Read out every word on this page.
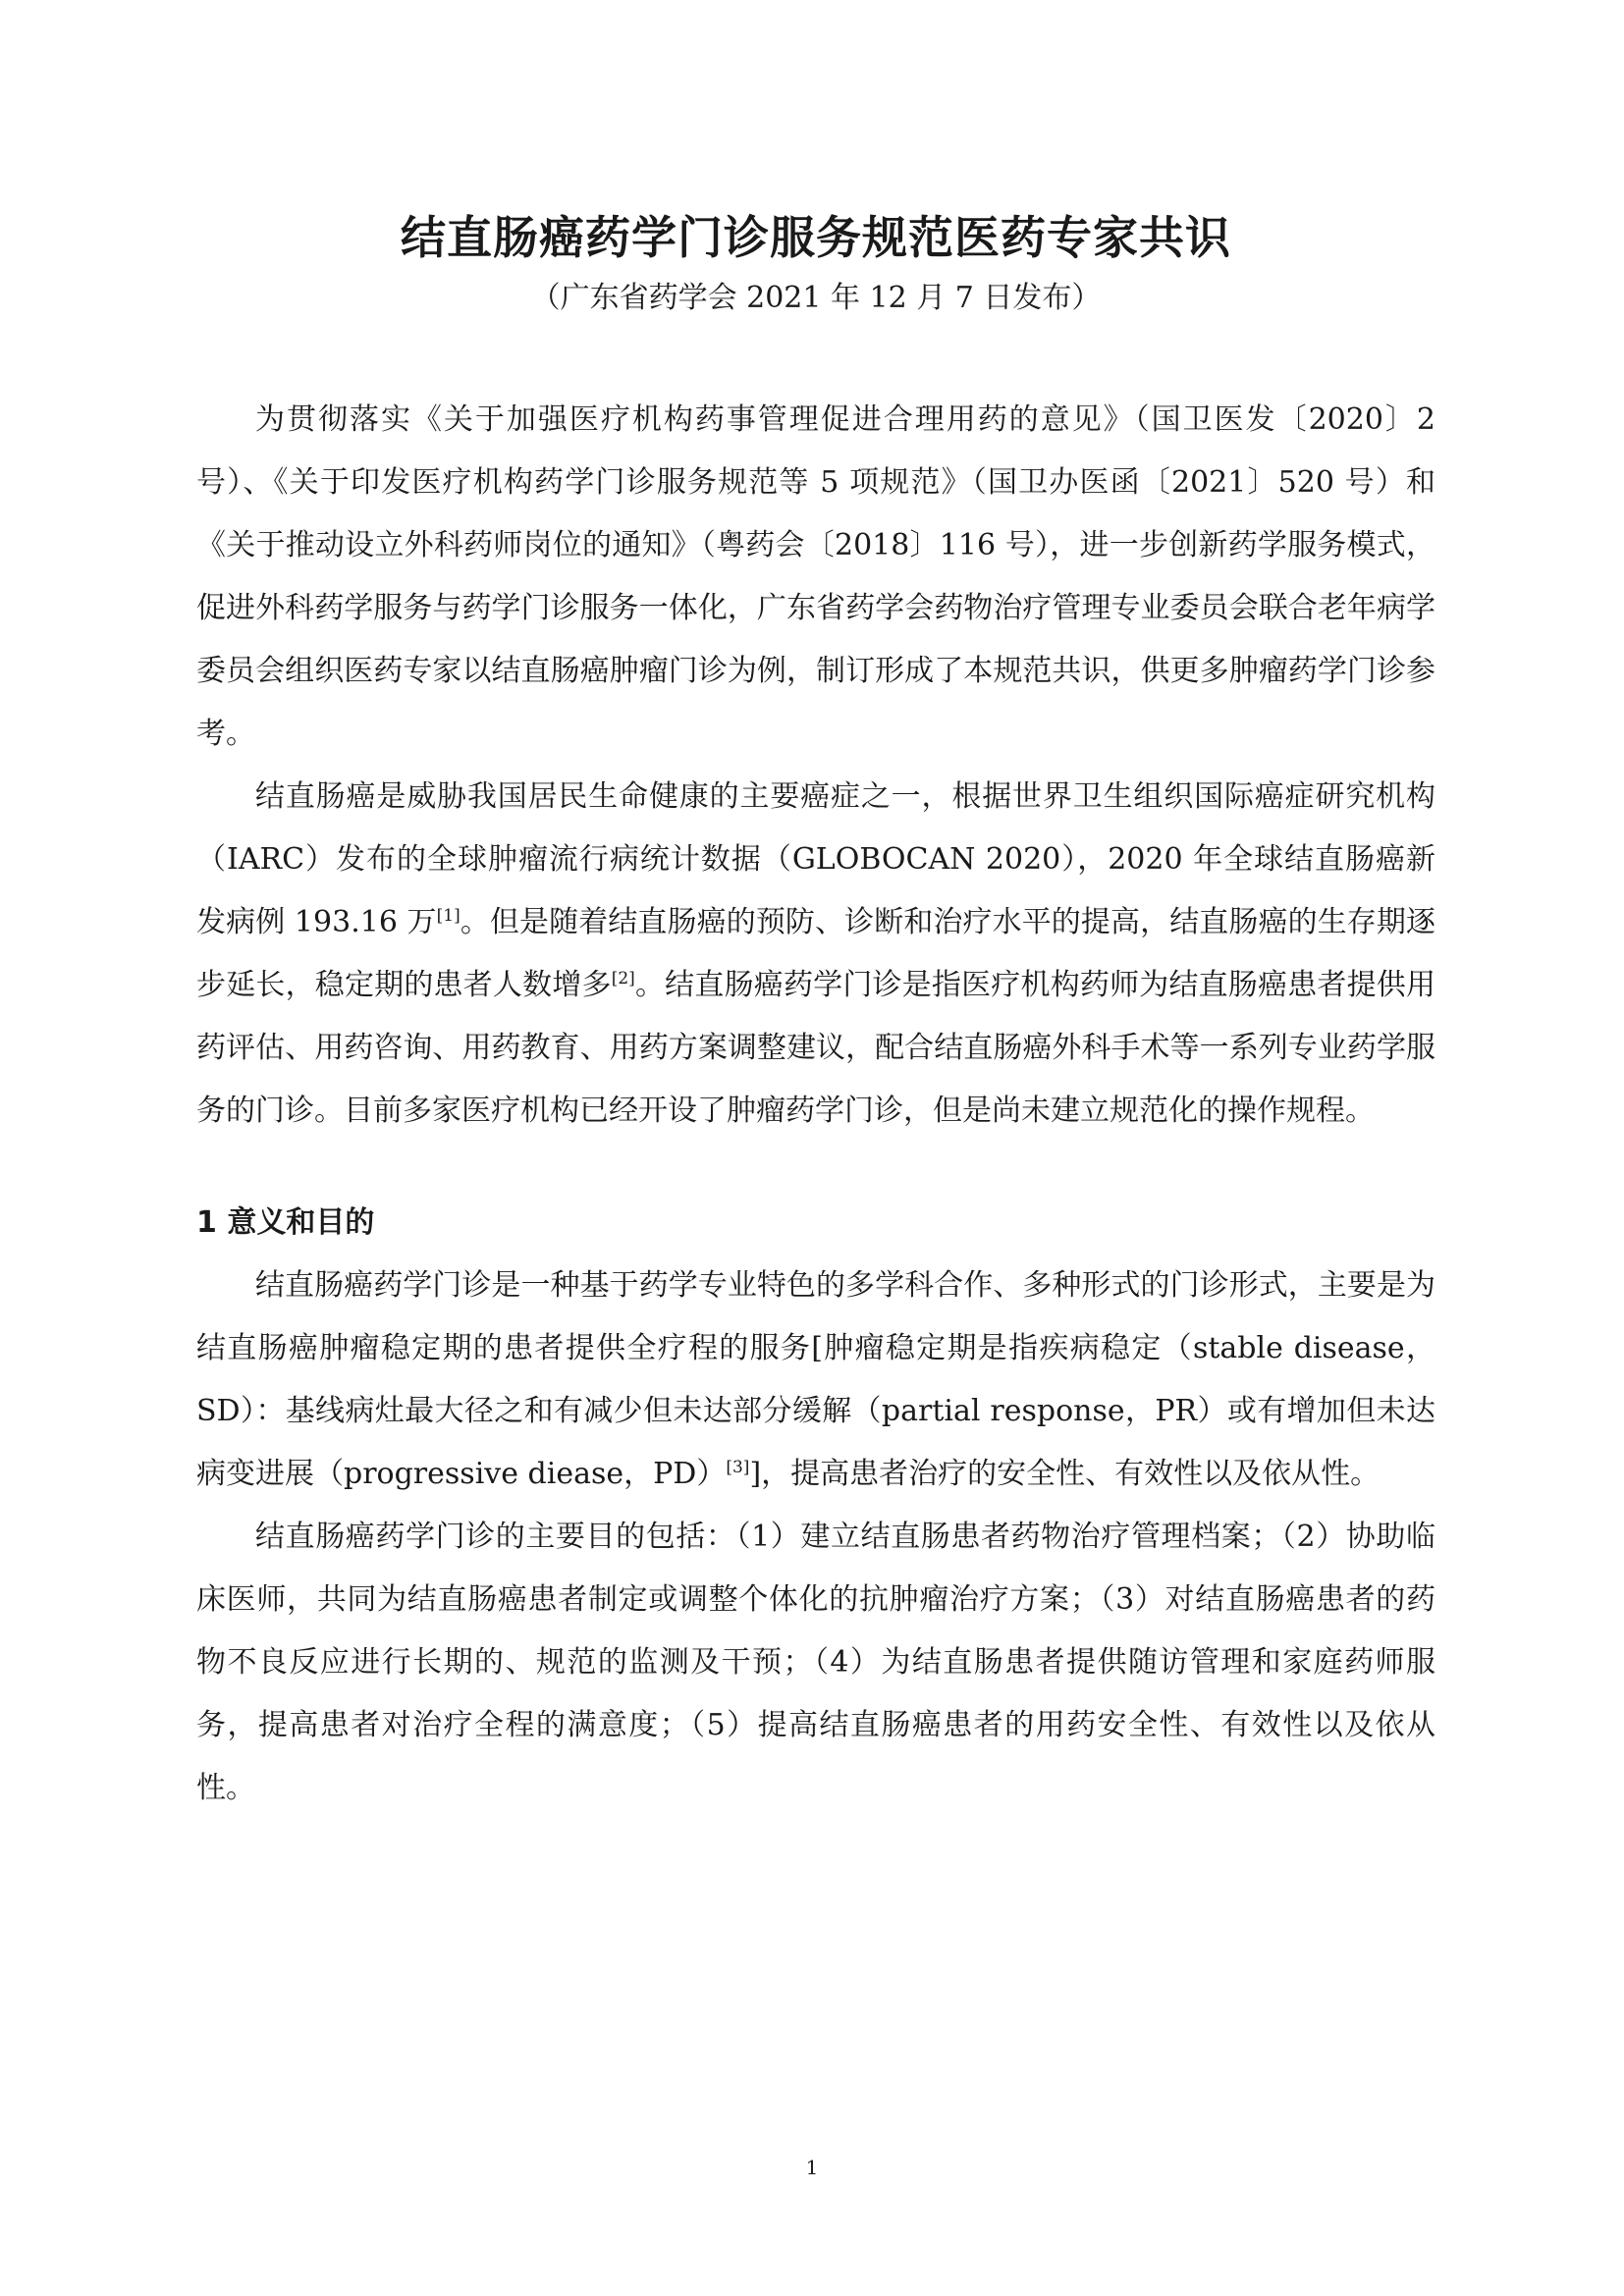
结直肠癌药学门诊服务规范医药专家共识

（广东省药学会 2021 年 12 月 7 日发布）

为贯彻落实《关于加强医疗机构药事管理促进合理用药的意见》（国卫医发〔2020〕2 号）、《关于印发医疗机构药学门诊服务规范等 5 项规范》（国卫办医函〔2021〕520 号）和《关于推动设立外科药师岗位的通知》（粤药会〔2018〕116 号），进一步创新药学服务模式，促进外科药学服务与药学门诊服务一体化，广东省药学会药物治疗管理专业委员会联合老年病学委员会组织医药专家以结直肠癌肿瘤门诊为例，制订形成了本规范共识，供更多肿瘤药学门诊参考。

结直肠癌是威胁我国居民生命健康的主要癌症之一，根据世界卫生组织国际癌症研究机构（IARC）发布的全球肿瘤流行病统计数据（GLOBOCAN 2020），2020 年全球结直肠癌新发病例 193.16 万[1]。但是随着结直肠癌的预防、诊断和治疗水平的提高，结直肠癌的生存期逐步延长，稳定期的患者人数增多[2]。结直肠癌药学门诊是指医疗机构药师为结直肠癌患者提供用药评估、用药咨询、用药教育、用药方案调整建议，配合结直肠癌外科手术等一系列专业药学服务的门诊。目前多家医疗机构已经开设了肿瘤药学门诊，但是尚未建立规范化的操作规程。

1 意义和目的

结直肠癌药学门诊是一种基于药学专业特色的多学科合作、多种形式的门诊形式，主要是为结直肠癌肿瘤稳定期的患者提供全疗程的服务[肿瘤稳定期是指疾病稳定（stable disease，SD）：基线病灶最大径之和有减少但未达部分缓解（partial response，PR）或有增加但未达病变进展（progressive diease，PD）[3]]，提高患者治疗的安全性、有效性以及依从性。

结直肠癌药学门诊的主要目的包括：（1）建立结直肠患者药物治疗管理档案；（2）协助临床医师，共同为结直肠癌患者制定或调整个体化的抗肿瘤治疗方案；（3）对结直肠癌患者的药物不良反应进行长期的、规范的监测及干预；（4）为结直肠患者提供随访管理和家庭药师服务，提高患者对治疗全程的满意度；（5）提高结直肠癌患者的用药安全性、有效性以及依从性。

1
